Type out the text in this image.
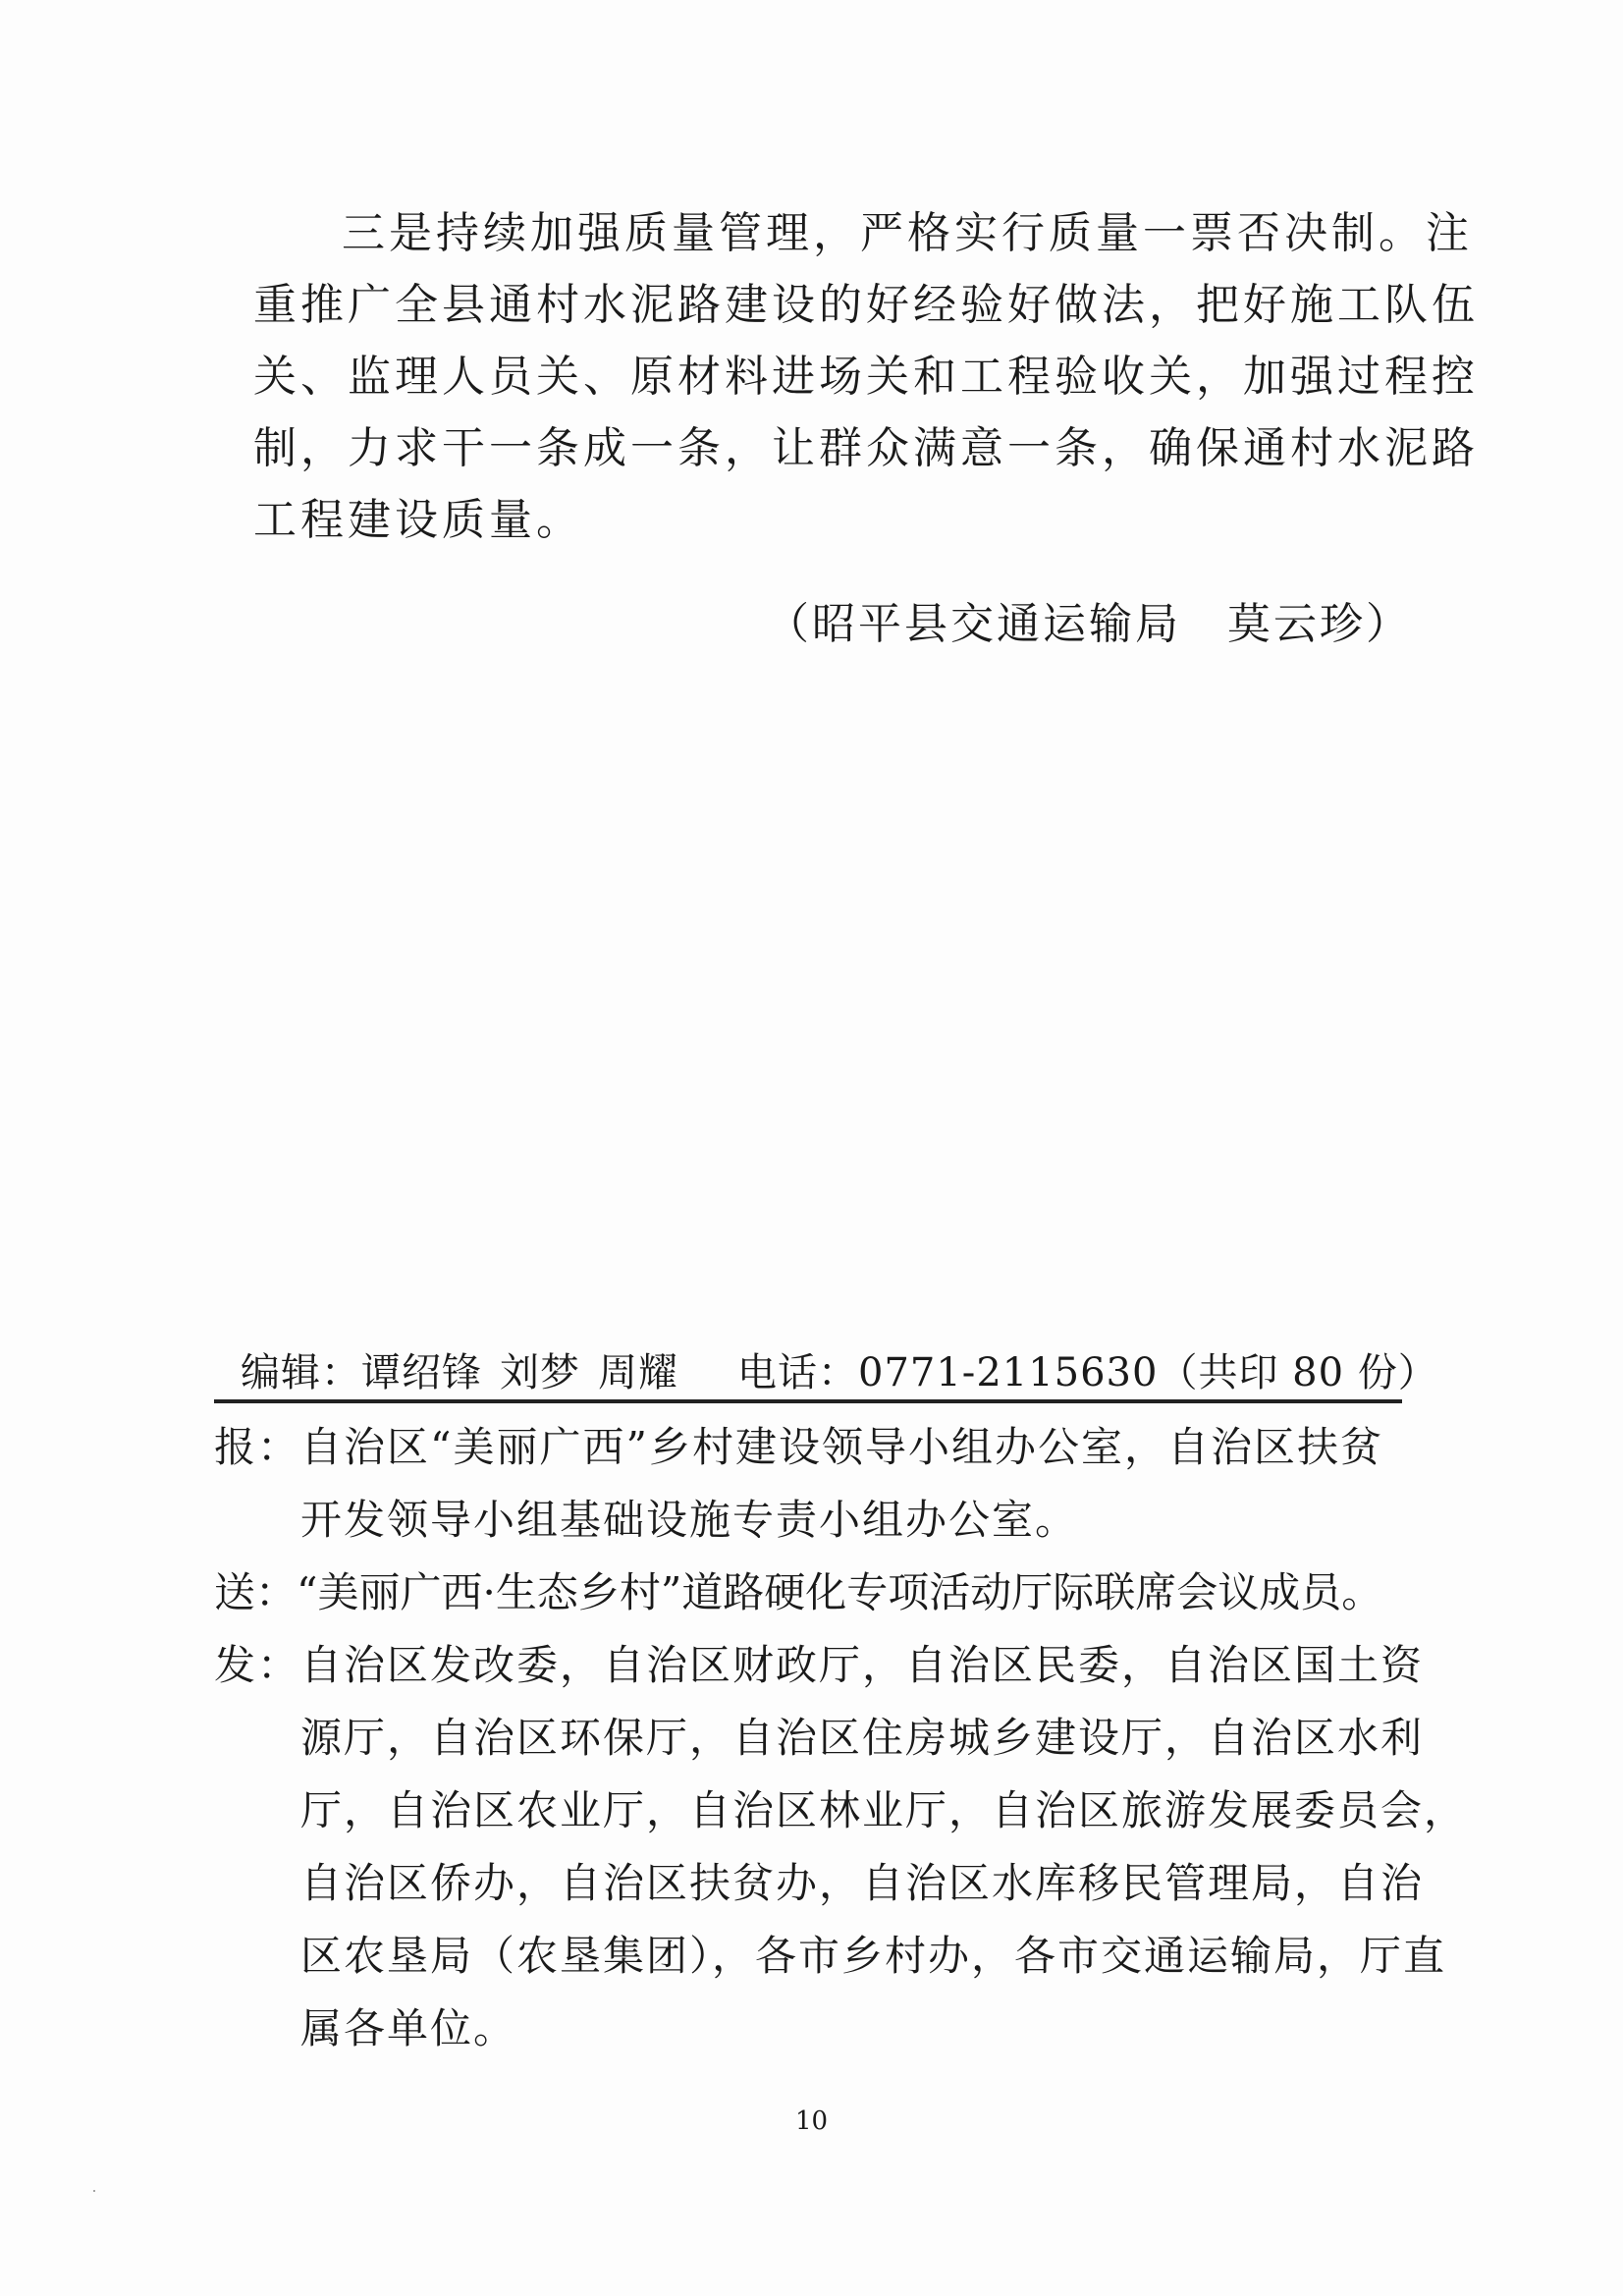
三是持续加强质量管理，严格实行质量一票否决制。注
重推广全县通村水泥路建设的好经验好做法，把好施工队伍
关、监理人员关、原材料进场关和工程验收关，加强过程控
制，力求干一条成一条，让群众满意一条，确保通村水泥路
工程建设质量。
（昭平县交通运输局　莫云珍）
编辑：谭绍锋 刘梦 周耀 电话：0771-2115630（共印 80 份）
报：自治区“美丽广西”乡村建设领导小组办公室，自治区扶贫
开发领导小组基础设施专责小组办公室。
送：“美丽广西·生态乡村”道路硬化专项活动厅际联席会议成员。
发：自治区发改委，自治区财政厅，自治区民委，自治区国土资
源厅，自治区环保厅，自治区住房城乡建设厅，自治区水利
厅，自治区农业厅，自治区林业厅，自治区旅游发展委员会，
自治区侨办，自治区扶贫办，自治区水库移民管理局，自治
区农垦局（农垦集团），各市乡村办，各市交通运输局，厅直
属各单位。
10
